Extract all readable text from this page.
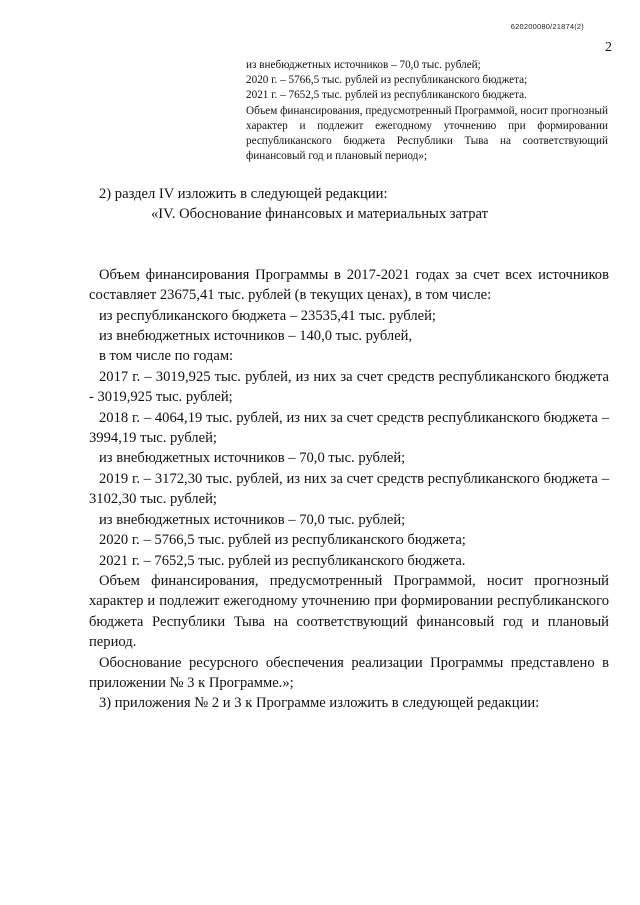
620200080/21874(2)
2

из внебюджетных источников – 70,0 тыс. рублей;

2020 г. – 5766,5 тыс. рублей из республиканского бюджета;

2021 г. – 7652,5 тыс. рублей из республиканского бюджета.

Объем финансирования, предусмотренный Программой, носит прогнозный характер и подлежит ежегодному уточнению при формировании республиканского бюджета Республики Тыва на соответствующий финансовый год и плановый период»;

2) раздел IV изложить в следующей редакции:

«IV. Обоснование финансовых и материальных затрат

Объем финансирования Программы в 2017-2021 годах за счет всех источников составляет 23675,41 тыс. рублей (в текущих ценах), в том числе:

из республиканского бюджета – 23535,41 тыс. рублей;

из внебюджетных источников – 140,0 тыс. рублей,

в том числе по годам:

2017 г. – 3019,925 тыс. рублей, из них за счет средств республиканского бюджета - 3019,925 тыс. рублей;

2018 г. – 4064,19 тыс. рублей, из них за счет средств республиканского бюджета – 3994,19 тыс. рублей;

из внебюджетных источников – 70,0 тыс. рублей;

2019 г. – 3172,30 тыс. рублей, из них за счет средств республиканского бюджета – 3102,30 тыс. рублей;

из внебюджетных источников – 70,0 тыс. рублей;

2020 г. – 5766,5 тыс. рублей из республиканского бюджета;

2021 г. – 7652,5 тыс. рублей из республиканского бюджета.

Объем финансирования, предусмотренный Программой, носит прогнозный характер и подлежит ежегодному уточнению при формировании республиканского бюджета Республики Тыва на соответствующий финансовый год и плановый период.

Обоснование ресурсного обеспечения реализации Программы представлено в приложении № 3 к Программе.»;

3) приложения № 2 и 3 к Программе изложить в следующей редакции:
